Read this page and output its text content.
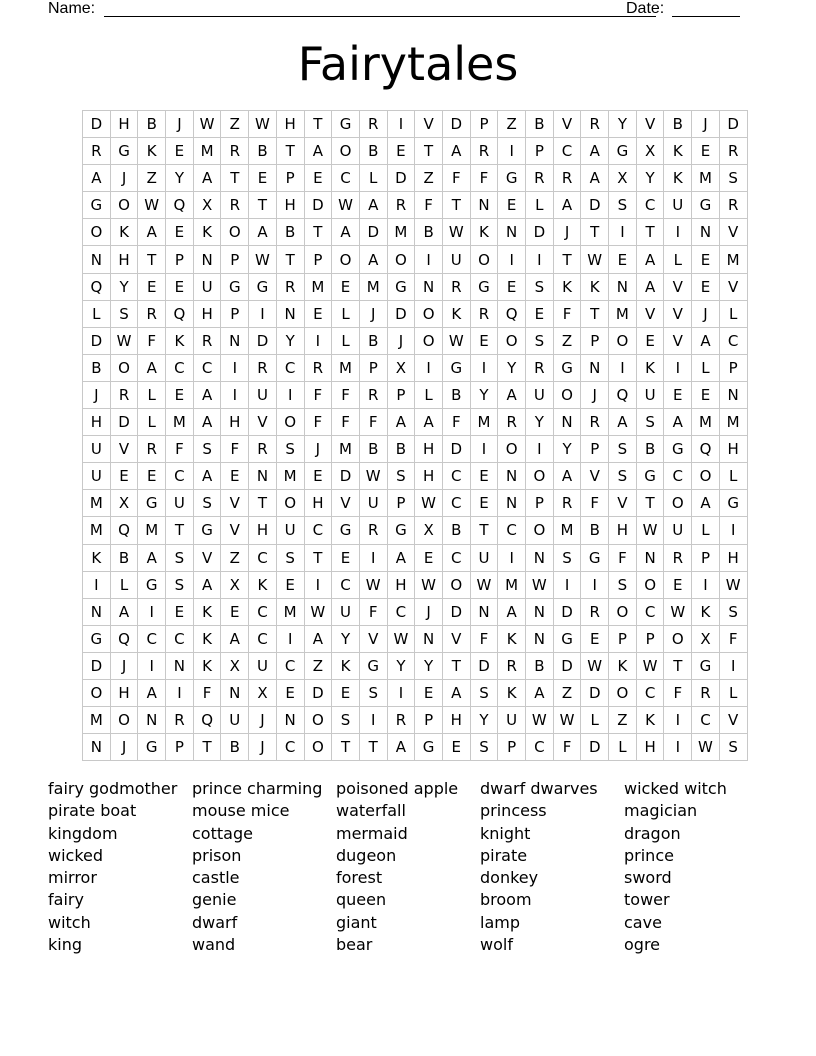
Name:	Date:
Fairytales
D	H	B	J	W	Z	W	H	T	G	R	I	V	D	P	Z	B	V	R	Y	V	B	J	D
R	G	K	E	M	R	B	T	A	O	B	E	T	A	R	I	P	C	A	G	X	K	E	R
A	J	Z	Y	A	T	E	P	E	C	L	D	Z	F	F	G	R	R	A	X	Y	K	M	S
G	O	W	Q	X	R	T	H	D	W	A	R	F	T	N	E	L	A	D	S	C	U	G	R
O	K	A	E	K	O	A	B	T	A	D	M	B	W	K	N	D	J	T	I	T	I	N	V
N	H	T	P	N	P	W	T	P	O	A	O	I	U	O	I	I	T	W	E	A	L	E	M
Q	Y	E	E	U	G	G	R	M	E	M	G	N	R	G	E	S	K	K	N	A	V	E	V
L	S	R	Q	H	P	I	N	E	L	J	D	O	K	R	Q	E	F	T	M	V	V	J	L
D	W	F	K	R	N	D	Y	I	L	B	J	O	W	E	O	S	Z	P	O	E	V	A	C
B	O	A	C	C	I	R	C	R	M	P	X	I	G	I	Y	R	G	N	I	K	I	L	P
J	R	L	E	A	I	U	I	F	F	R	P	L	B	Y	A	U	O	J	Q	U	E	E	N
H	D	L	M	A	H	V	O	F	F	F	A	A	F	M	R	Y	N	R	A	S	A	M	M
U	V	R	F	S	F	R	S	J	M	B	B	H	D	I	O	I	Y	P	S	B	G	Q	H
U	E	E	C	A	E	N	M	E	D	W	S	H	C	E	N	O	A	V	S	G	C	O	L
M	X	G	U	S	V	T	O	H	V	U	P	W	C	E	N	P	R	F	V	T	O	A	G
M	Q	M	T	G	V	H	U	C	G	R	G	X	B	T	C	O	M	B	H	W	U	L	I
K	B	A	S	V	Z	C	S	T	E	I	A	E	C	U	I	N	S	G	F	N	R	P	H
I	L	G	S	A	X	K	E	I	C	W	H	W	O	W	M	W	I	I	S	O	E	I	W
N	A	I	E	K	E	C	M	W	U	F	C	J	D	N	A	N	D	R	O	C	W	K	S
G	Q	C	C	K	A	C	I	A	Y	V	W	N	V	F	K	N	G	E	P	P	O	X	F
D	J	I	N	K	X	U	C	Z	K	G	Y	Y	T	D	R	B	D	W	K	W	T	G	I
O	H	A	I	F	N	X	E	D	E	S	I	E	A	S	K	A	Z	D	O	C	F	R	L
M	O	N	R	Q	U	J	N	O	S	I	R	P	H	Y	U	W	W	L	Z	K	I	C	V
N	J	G	P	T	B	J	C	O	T	T	A	G	E	S	P	C	F	D	L	H	I	W	S
fairy godmother
pirate boat
kingdom
wicked
mirror
fairy
witch
king
prince charming
mouse mice
cottage
prison
castle
genie
dwarf
wand
poisoned apple
waterfall
mermaid
dugeon
forest
queen
giant
bear
dwarf dwarves
princess
knight
pirate
donkey
broom
lamp
wolf
wicked witch
magician
dragon
prince
sword
tower
cave
ogre
